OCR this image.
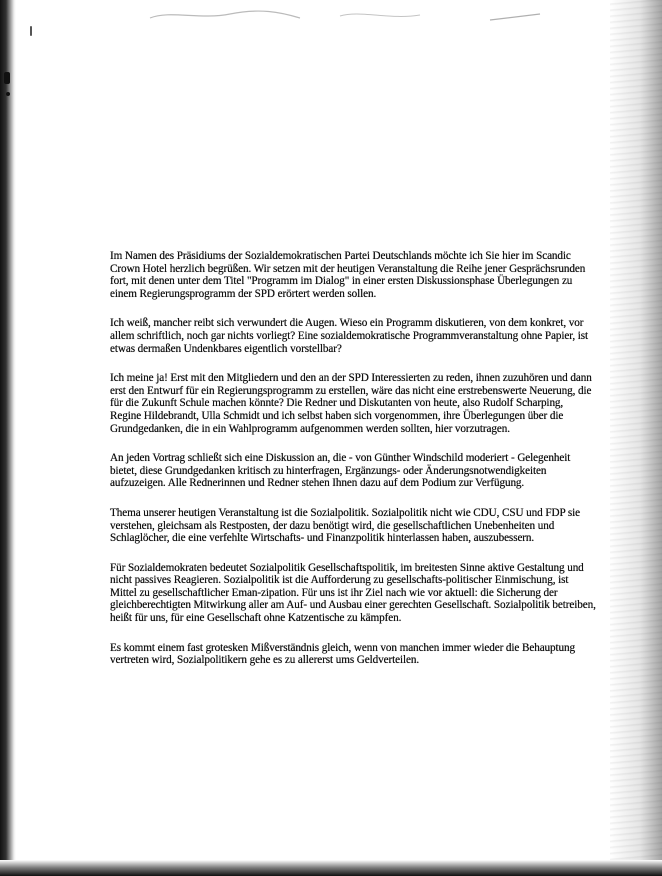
Im Namen des Präsidiums der Sozialdemokratischen Partei Deutschlands möchte ich Sie hier im Scandic Crown Hotel herzlich begrüßen. Wir setzen mit der heutigen Veranstaltung die Reihe jener Gesprächsrunden fort, mit denen unter dem Titel "Programm im Dialog" in einer ersten Diskussionsphase Überlegungen zu einem Regierungsprogramm der SPD erörtert werden sollen.

Ich weiß, mancher reibt sich verwundert die Augen. Wieso ein Programm diskutieren, von dem konkret, vor allem schriftlich, noch gar nichts vorliegt? Eine sozialdemokratische Programmveranstaltung ohne Papier, ist etwas dermaßen Undenkbares eigentlich vorstellbar?

Ich meine ja! Erst mit den Mitgliedern und den an der SPD Interessierten zu reden, ihnen zuzuhören und dann erst den Entwurf für ein Regierungsprogramm zu erstellen, wäre das nicht eine erstrebenswerte Neuerung, die für die Zukunft Schule machen könnte? Die Redner und Diskutanten von heute, also Rudolf Scharping, Regine Hildebrandt, Ulla Schmidt und ich selbst haben sich vorgenommen, ihre Überlegungen über die Grundgedanken, die in ein Wahlprogramm aufgenommen werden sollten, hier vorzutragen.

An jeden Vortrag schließt sich eine Diskussion an, die - von Günther Windschild moderiert - Gelegenheit bietet, diese Grundgedanken kritisch zu hinterfragen, Ergänzungs- oder Änderungsnotwendigkeiten aufzuzeigen. Alle Rednerinnen und Redner stehen Ihnen dazu auf dem Podium zur Verfügung.

Thema unserer heutigen Veranstaltung ist die Sozialpolitik. Sozialpolitik nicht wie CDU, CSU und FDP sie verstehen, gleichsam als Restposten, der dazu benötigt wird, die gesellschaftlichen Unebenheiten und Schlaglöcher, die eine verfehlte Wirtschafts- und Finanzpolitik hinterlassen haben, auszubessern.

Für Sozialdemokraten bedeutet Sozialpolitik Gesellschaftspolitik, im breitesten Sinne aktive Gestaltung und nicht passives Reagieren. Sozialpolitik ist die Aufforderung zu gesellschafts-politischer Einmischung, ist Mittel zu gesellschaftlicher Eman-zipation. Für uns ist ihr Ziel nach wie vor aktuell: die Sicherung der gleichberechtigten Mitwirkung aller am Auf- und Ausbau einer gerechten Gesellschaft. Sozialpolitik betreiben, heißt für uns, für eine Gesellschaft ohne Katzentische zu kämpfen.

Es kommt einem fast grotesken Mißverständnis gleich, wenn von manchen immer wieder die Behauptung vertreten wird, Sozialpolitikern gehe es zu allererst ums Geldverteilen.
